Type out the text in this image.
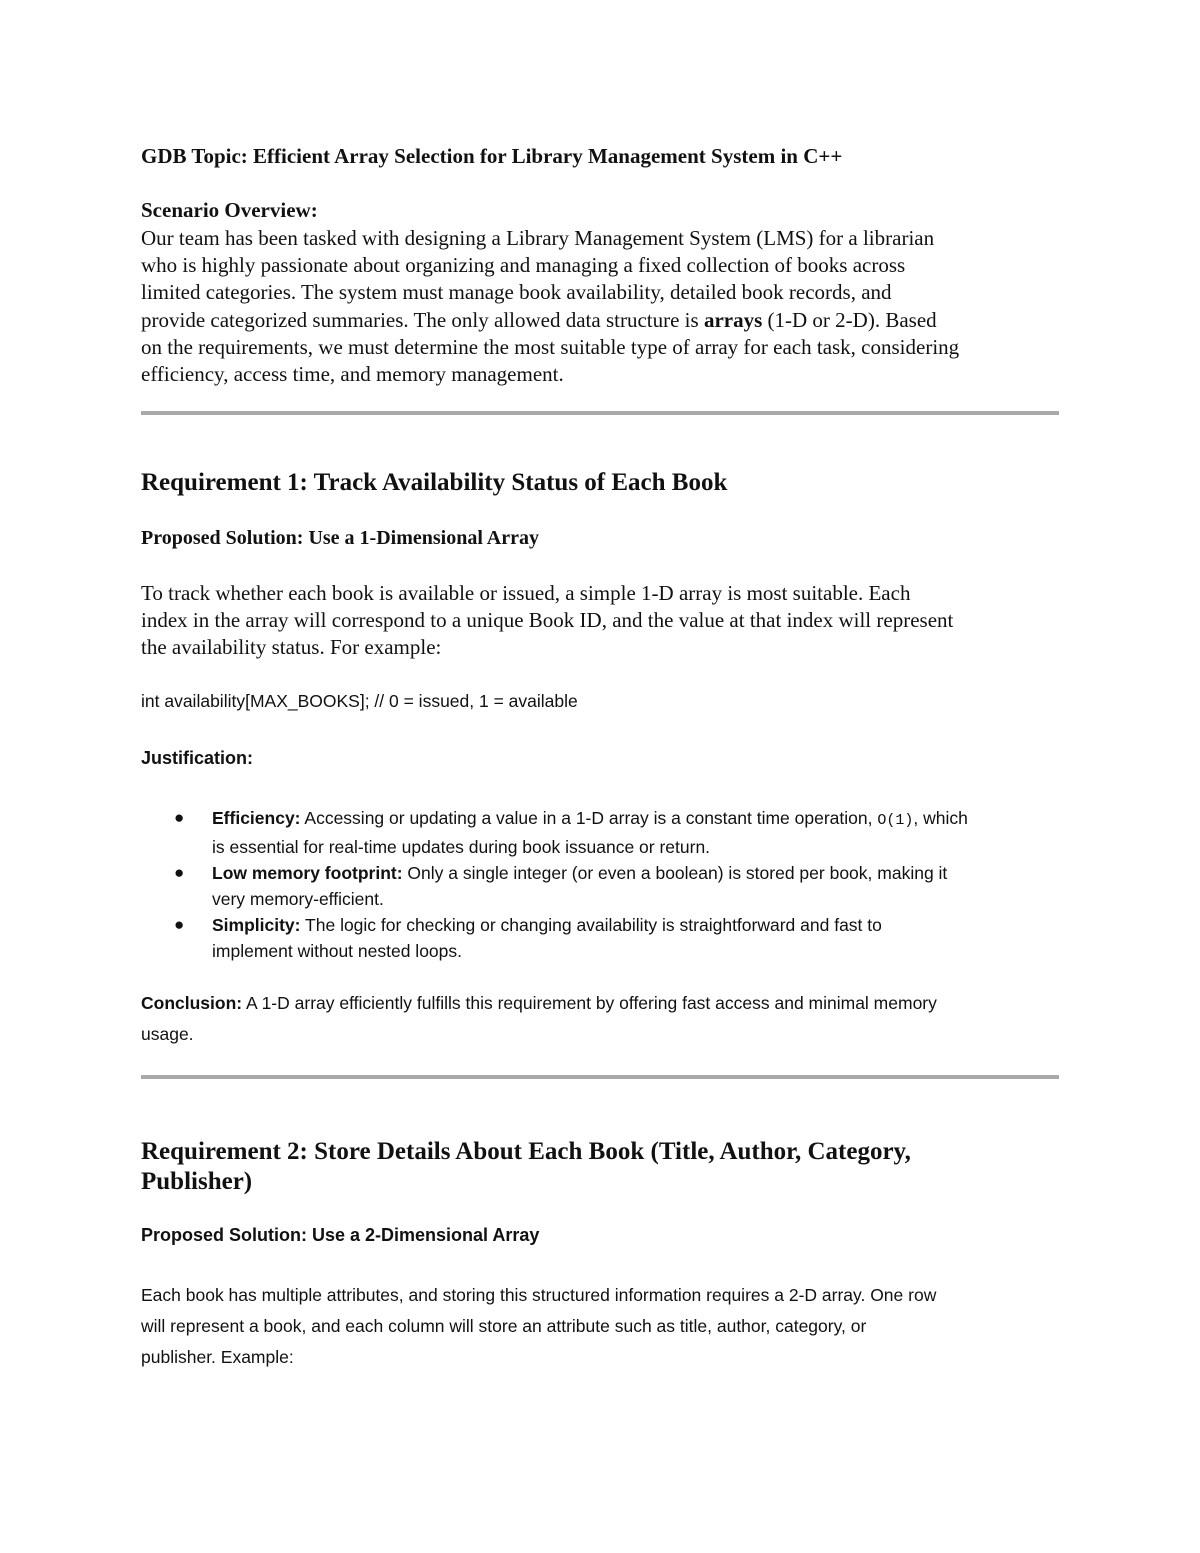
GDB Topic: Efficient Array Selection for Library Management System in C++
Scenario Overview:
Our team has been tasked with designing a Library Management System (LMS) for a librarian
who is highly passionate about organizing and managing a fixed collection of books across
limited categories. The system must manage book availability, detailed book records, and
provide categorized summaries. The only allowed data structure is arrays (1-D or 2-D). Based
on the requirements, we must determine the most suitable type of array for each task, considering
efficiency, access time, and memory management.
Requirement 1: Track Availability Status of Each Book
Proposed Solution: Use a 1-Dimensional Array
To track whether each book is available or issued, a simple 1-D array is most suitable. Each
index in the array will correspond to a unique Book ID, and the value at that index will represent
the availability status. For example:
int availability[MAX_BOOKS]; // 0 = issued, 1 = available
Justification:
● Efficiency: Accessing or updating a value in a 1-D array is a constant time operation, O(1), which
is essential for real-time updates during book issuance or return.
● Low memory footprint: Only a single integer (or even a boolean) is stored per book, making it
very memory-efficient.
● Simplicity: The logic for checking or changing availability is straightforward and fast to
implement without nested loops.
Conclusion: A 1-D array efficiently fulfills this requirement by offering fast access and minimal memory
usage.
Requirement 2: Store Details About Each Book (Title, Author, Category,
Publisher)
Proposed Solution: Use a 2-Dimensional Array
Each book has multiple attributes, and storing this structured information requires a 2-D array. One row
will represent a book, and each column will store an attribute such as title, author, category, or
publisher. Example:
